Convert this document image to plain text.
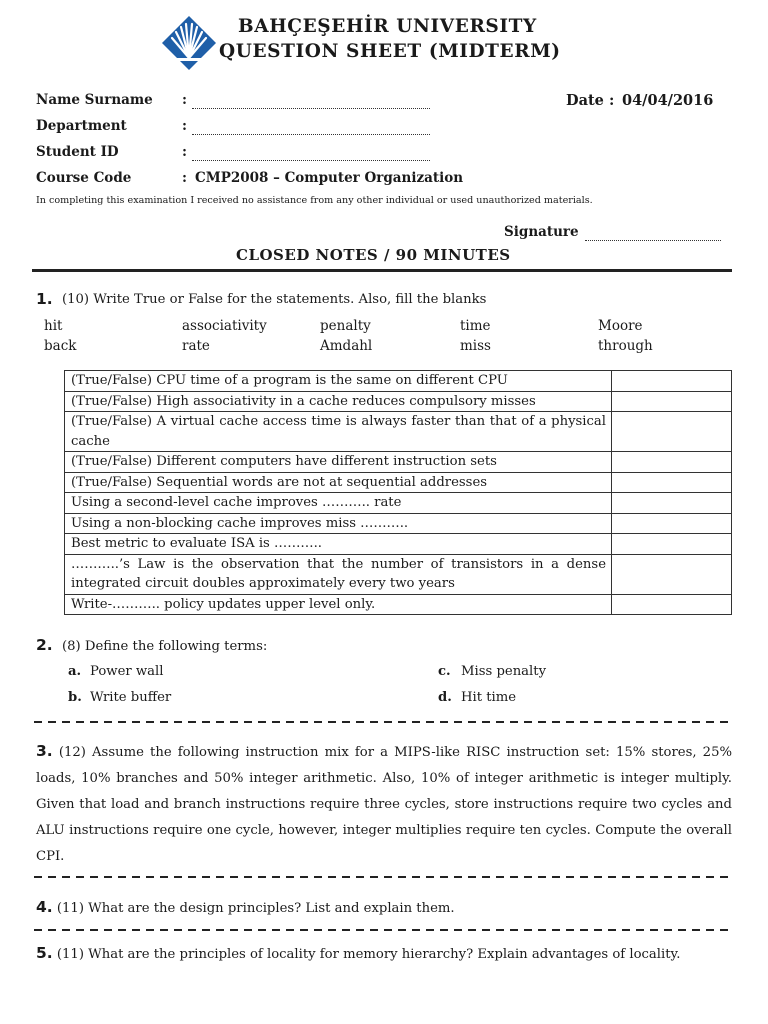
BAHÇEŞEHİR UNIVERSITY
QUESTION SHEET (MIDTERM)
Name Surname :
Department	:
Student ID	:
Course Code	: CMP2008 – Computer Organization
Date : 04/04/2016
In completing this examination I received no assistance from any other individual or used unauthorized materials.
Signature
CLOSED NOTES / 90 MINUTES
1. (10) Write True or False for the statements. Also, fill the blanks
hit	associativity	penalty	time	Moore
back	rate	Amdahl	miss	through
(True/False) CPU time of a program is the same on different CPU	
(True/False) High associativity in a cache reduces compulsory misses	
(True/False) A virtual cache access time is always faster than that of a physical cache	
(True/False) Different computers have different instruction sets	
(True/False) Sequential words are not at sequential addresses	
Using a second-level cache improves ……….. rate	
Using a non-blocking cache improves miss ………..	
Best metric to evaluate ISA is ………..	
………..’s Law is the observation that the number of transistors in a dense integrated circuit doubles approximately every two years	
Write-……….. policy updates upper level only.	
2. (8) Define the following terms:
a. Power wall
b. Write buffer
c. Miss penalty
d. Hit time
3. (12) Assume the following instruction mix for a MIPS-like RISC instruction set: 15% stores, 25% loads, 10% branches and 50% integer arithmetic. Also, 10% of integer arithmetic is integer multiply. Given that load and branch instructions require three cycles, store instructions require two cycles and ALU instructions require one cycle, however, integer multiplies require ten cycles. Compute the overall CPI.
4. (11) What are the design principles? List and explain them.
5. (11) What are the principles of locality for memory hierarchy? Explain advantages of locality.
